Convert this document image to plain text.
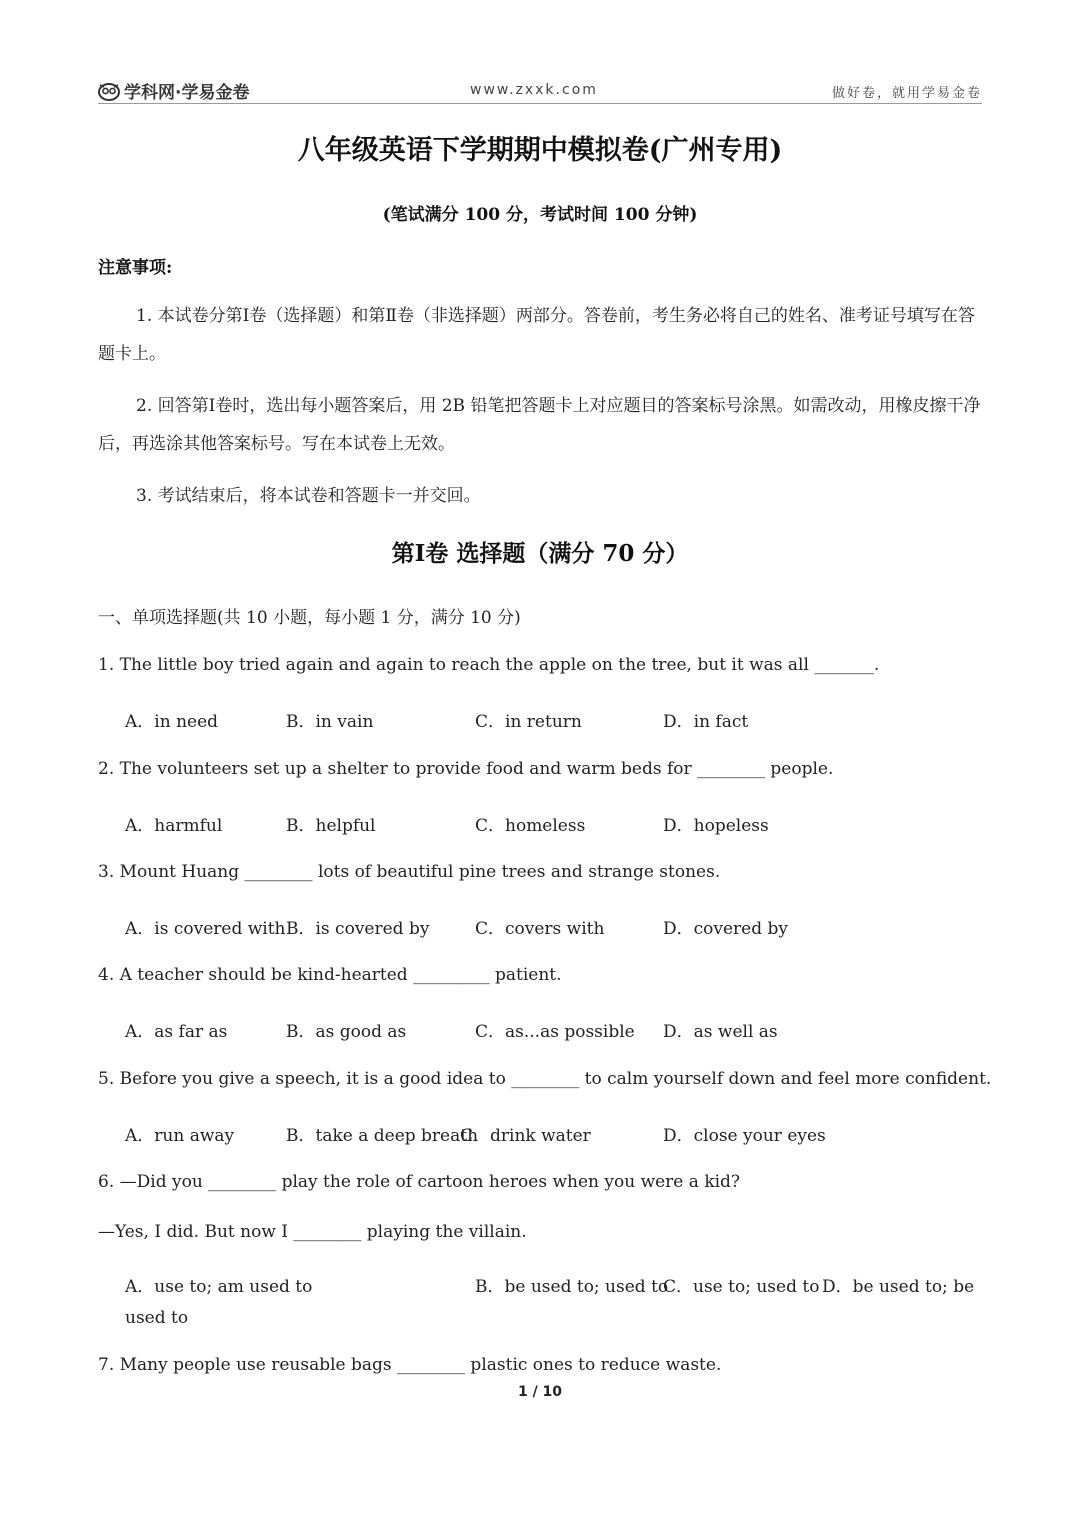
学科网·学易金卷	www.zxxk.com	做好卷，就用学易金卷
八年级英语下学期期中模拟卷(广州专用)
(笔试满分 100 分，考试时间 100 分钟)
注意事项:
1. 本试卷分第Ⅰ卷（选择题）和第Ⅱ卷（非选择题）两部分。答卷前，考生务必将自己的姓名、准考证号填写在答题卡上。
2. 回答第Ⅰ卷时，选出每小题答案后，用 2B 铅笔把答题卡上对应题目的答案标号涂黑。如需改动，用橡皮擦干净后，再选涂其他答案标号。写在本试卷上无效。
3. 考试结束后，将本试卷和答题卡一并交回。
第Ⅰ卷 选择题（满分 70 分）
一、单项选择题(共 10 小题，每小题 1 分，满分 10 分)
1. The little boy tried again and again to reach the apple on the tree, but it was all _______.
A．in need	B．in vain	C．in return	D．in fact
2. The volunteers set up a shelter to provide food and warm beds for ________ people.
A．harmful	B．helpful	C．homeless	D．hopeless
3. Mount Huang ________ lots of beautiful pine trees and strange stones.
A．is covered with B．is covered by	C．covers with	D．covered by
4. A teacher should be kind-hearted _________ patient.
A．as far as	B．as good as	C．as...as possible D．as well as
5. Before you give a speech, it is a good idea to ________ to calm yourself down and feel more confident.
A．run away	B．take a deep breath
C．drink water	D．close your eyes
6. —Did you ________ play the role of cartoon heroes when you were a kid?
—Yes, I did. But now I ________ playing the villain.
A．use to; am used to	B．be used to; used to
C．use to; used to D．be used to; be
used to
7. Many people use reusable bags ________ plastic ones to reduce waste.
1 / 10
